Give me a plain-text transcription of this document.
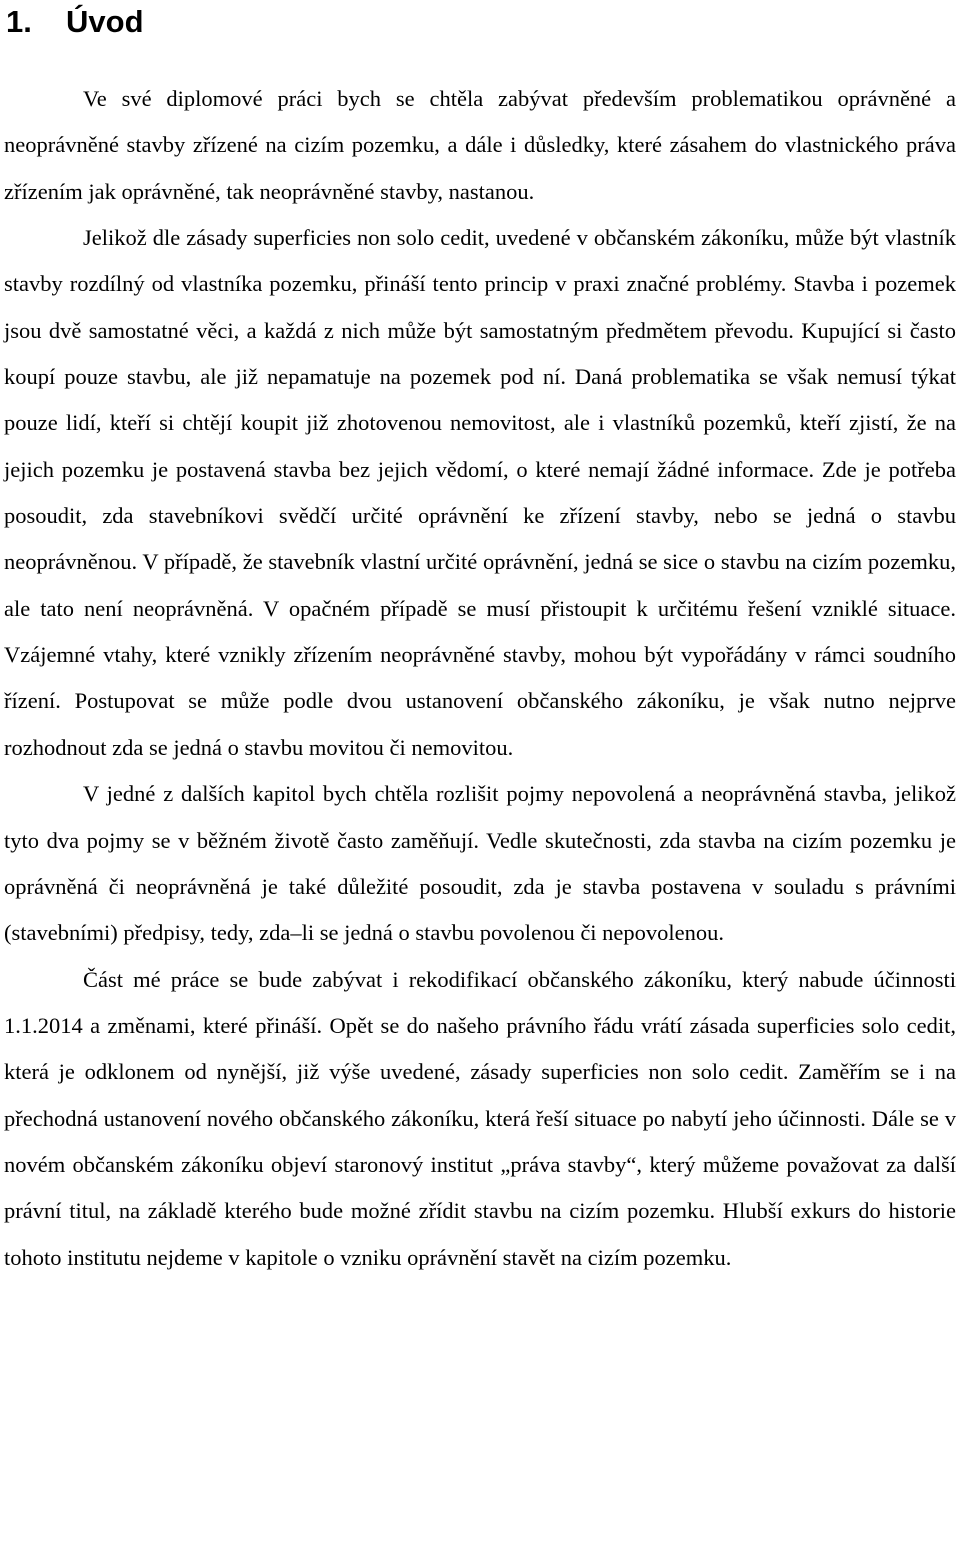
1. Úvod

Ve své diplomové práci bych se chtěla zabývat především problematikou oprávněné a neoprávněné stavby zřízené na cizím pozemku, a dále i důsledky, které zásahem do vlastnického práva zřízením jak oprávněné, tak neoprávněné stavby, nastanou.

Jelikož dle zásady superficies non solo cedit, uvedené v občanském zákoníku, může být vlastník stavby rozdílný od vlastníka pozemku, přináší tento princip v praxi značné problémy. Stavba i pozemek jsou dvě samostatné věci, a každá z nich může být samostatným předmětem převodu. Kupující si často koupí pouze stavbu, ale již nepamatuje na pozemek pod ní. Daná problematika se však nemusí týkat pouze lidí, kteří si chtějí koupit již zhotovenou nemovitost, ale i vlastníků pozemků, kteří zjistí, že na jejich pozemku je postavená stavba bez jejich vědomí, o které nemají žádné informace. Zde je potřeba posoudit, zda stavebníkovi svědčí určité oprávnění ke zřízení stavby, nebo se jedná o stavbu neoprávněnou. V případě, že stavebník vlastní určité oprávnění, jedná se sice o stavbu na cizím pozemku, ale tato není neoprávněná. V opačném případě se musí přistoupit k určitému řešení vzniklé situace. Vzájemné vtahy, které vznikly zřízením neoprávněné stavby, mohou být vypořádány v rámci soudního řízení. Postupovat se může podle dvou ustanovení občanského zákoníku, je však nutno nejprve rozhodnout zda se jedná o stavbu movitou či nemovitou.

V jedné z dalších kapitol bych chtěla rozlišit pojmy nepovolená a neoprávněná stavba, jelikož tyto dva pojmy se v běžném životě často zaměňují. Vedle skutečnosti, zda stavba na cizím pozemku je oprávněná či neoprávněná je také důležité posoudit, zda je stavba postavena v souladu s právními (stavebními) předpisy, tedy, zda–li se jedná o stavbu povolenou či nepovolenou.

Část mé práce se bude zabývat i rekodifikací občanského zákoníku, který nabude účinnosti 1.1.2014 a změnami, které přináší. Opět se do našeho právního řádu vrátí zásada superficies solo cedit, která je odklonem od nynější, již výše uvedené, zásady superficies non solo cedit. Zaměřím se i na přechodná ustanovení nového občanského zákoníku, která řeší situace po nabytí jeho účinnosti. Dále se v novém občanském zákoníku objeví staronový institut „práva stavby“, který můžeme považovat za další právní titul, na základě kterého bude možné zřídit stavbu na cizím pozemku. Hlubší exkurs do historie tohoto institutu nejdeme v kapitole o vzniku oprávnění stavět na cizím pozemku.
